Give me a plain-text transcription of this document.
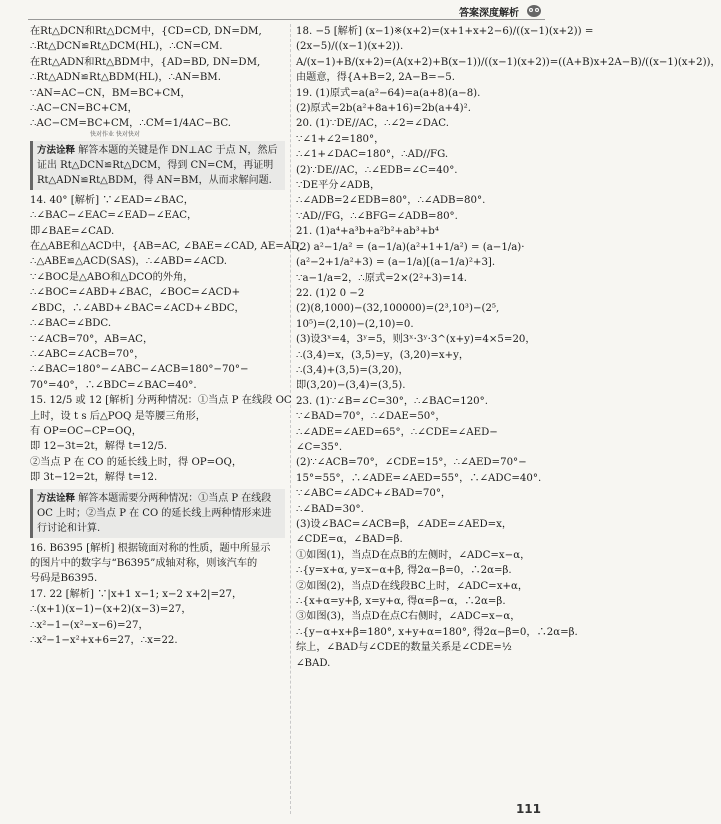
答案深度解析
在Rt△DCN和Rt△DCM中，{CD=CD, DN=DM,
∴Rt△DCN≌Rt△DCM(HL)，∴CN=CM.
在Rt△ADN和Rt△BDM中，{AD=BD, DN=DM,
∴Rt△ADN≌Rt△BDM(HL)，∴AN=BM.
∵AN=AC−CN，BM=BC+CM，
∴AC−CN=BC+CM，
∴AC−CM=BC+CM，∴CM=1/4AC−BC.
快对作业 快对快对
方法诠释 解答本题的关键是作 DN⊥AC 于点 N，然后证出 Rt△DCN≌Rt△DCM，得到 CN=CM，再证明 Rt△ADN≌Rt△BDM，得 AN=BM，从而求解问题.
14. 40° [解析] ∵∠EAD=∠BAC，
∴∠BAC−∠EAC=∠EAD−∠EAC，
即∠BAE=∠CAD.
在△ABE和△ACD中，{AB=AC, ∠BAE=∠CAD, AE=AD,
∴△ABE≌△ACD(SAS)，∴∠ABD=∠ACD.
∵∠BOC是△ABO和△DCO的外角，
∴∠BOC=∠ABD+∠BAC，∠BOC=∠ACD+
∠BDC，∴∠ABD+∠BAC=∠ACD+∠BDC，
∴∠BAC=∠BDC.
∵∠ACB=70°，AB=AC，
∴∠ABC=∠ACB=70°，
∴∠BAC=180°−∠ABC−∠ACB=180°−70°−
70°=40°，∴∠BDC=∠BAC=40°.
15. 12/5 或 12 [解析] 分两种情况：①当点 P 在线段 OC
上时，设 t s 后△POQ 是等腰三角形，
有 OP=OC−CP=OQ，
即 12−3t=2t，解得 t=12/5.
②当点 P 在 CO 的延长线上时，得 OP=OQ，
即 3t−12=2t，解得 t=12.
方法诠释 解答本题需要分两种情况：①当点 P 在线段 OC 上时；②当点 P 在 CO 的延长线上两种情形来进行讨论和计算.
16. B6395 [解析] 根据镜面对称的性质，题中所显示
的图片中的数字与“B6395”成轴对称，则该汽车的
号码是B6395.
17. 22 [解析] ∵|x+1 x−1; x−2 x+2|=27，
∴(x+1)(x−1)−(x+2)(x−3)=27，
∴x²−1−(x²−x−6)=27，
∴x²−1−x²+x+6=27，∴x=22.
18. −5 [解析] (x−1)※(x+2)=(x+1+x+2−6)/((x−1)(x+2)) =
(2x−5)/((x−1)(x+2)).
A/(x−1)+B/(x+2)=(A(x+2)+B(x−1))/((x−1)(x+2))=((A+B)x+2A−B)/((x−1)(x+2))，
由题意，得{A+B=2, 2A−B=−5.
19. (1)原式=a(a²−64)=a(a+8)(a−8).
(2)原式=2b(a²+8a+16)=2b(a+4)².
20. (1)∵DE//AC，∴∠2=∠DAC.
∵∠1+∠2=180°，
∴∠1+∠DAC=180°，∴AD//FG.
(2)∵DE//AC，∴∠EDB=∠C=40°.
∵DE平分∠ADB，
∴∠ADB=2∠EDB=80°，∴∠ADB=80°.
∵AD//FG，∴∠BFG=∠ADB=80°.
21. (1)a⁴+a³b+a²b²+ab³+b⁴
(2) a²−1/a² = (a−1/a)(a²+1+1/a²) = (a−1/a)·
(a²−2+1/a²+3) = (a−1/a)[(a−1/a)²+3].
∵a−1/a=2，∴原式=2×(2²+3)=14.
22. (1)2 0 −2
(2)(8,1000)−(32,100000)=(2³,10³)−(2⁵,
10⁵)=(2,10)−(2,10)=0.
(3)设3ˣ=4，3ʸ=5，则3ˣ·3ʸ·3^(x+y)=4×5=20，
∴(3,4)=x，(3,5)=y，(3,20)=x+y，
∴(3,4)+(3,5)=(3,20)，
即(3,20)−(3,4)=(3,5).
23. (1)∵∠B=∠C=30°，∴∠BAC=120°.
∵∠BAD=70°，∴∠DAE=50°，
∴∠ADE=∠AED=65°，∴∠CDE=∠AED−
∠C=35°.
(2)∵∠ACB=70°，∠CDE=15°，∴∠AED=70°−
15°=55°，∴∠ADE=∠AED=55°，∴∠ADC=40°.
∵∠ABC=∠ADC+∠BAD=70°，
∴∠BAD=30°.
(3)设∠BAC=∠ACB=β，∠ADE=∠AED=x，
∠CDE=α，∠BAD=β.
①如图(1)，当点D在点B的左侧时，∠ADC=x−α，
∴{y=x+α, y=x−α+β, 得2α−β=0，∴2α=β.
②如图(2)，当点D在线段BC上时，∠ADC=x+α，
∴{x+α=y+β, x=y+α, 得α=β−α，∴2α=β.
③如图(3)，当点D在点C右侧时，∠ADC=x−α，
∴{y−α+x+β=180°, x+y+α=180°, 得2α−β=0，∴2α=β.
综上，∠BAD与∠CDE的数量关系是∠CDE=½
∠BAD.
111
